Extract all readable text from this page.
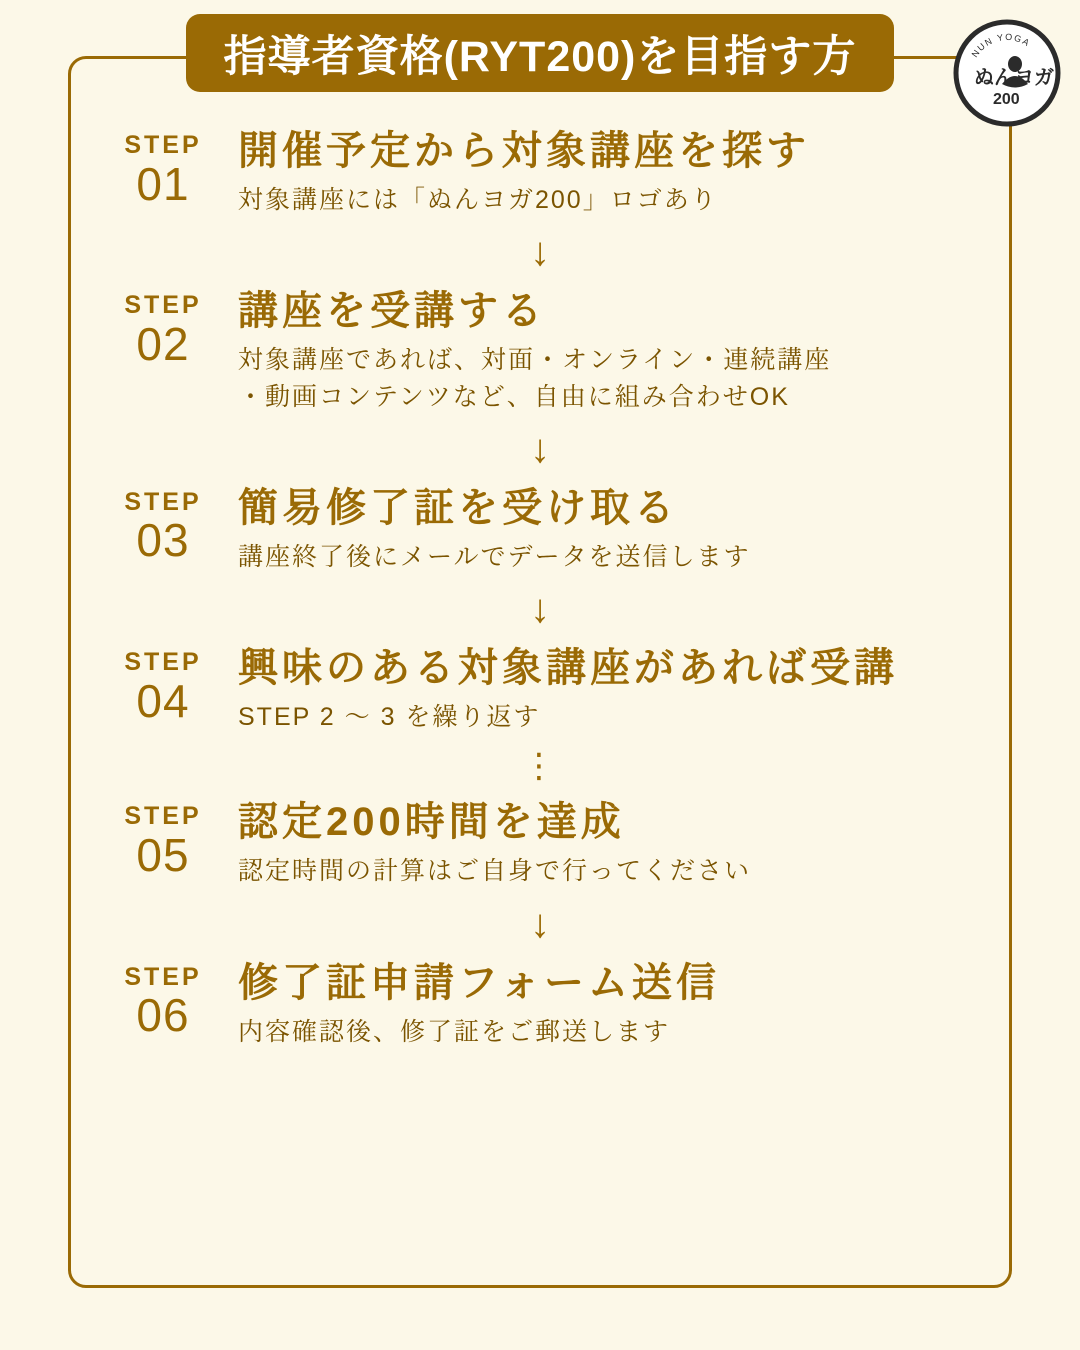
指導者資格(RYT200)を目指す方	NUN YOGA
ぬんヨガ
200
STEP
01
開催予定から対象講座を探す
対象講座には「ぬんヨガ200」ロゴあり
↓
STEP
02
講座を受講する
対象講座であれば、対面・オンライン・連続講座
・動画コンテンツなど、自由に組み合わせOK
↓
STEP
03
簡易修了証を受け取る
講座終了後にメールでデータを送信します
↓
STEP
04
興味のある対象講座があれば受講
STEP 2 〜 3 を繰り返す
⋮
STEP
05
認定200時間を達成
認定時間の計算はご自身で行ってください
↓
STEP
06
修了証申請フォーム送信
内容確認後、修了証をご郵送します
